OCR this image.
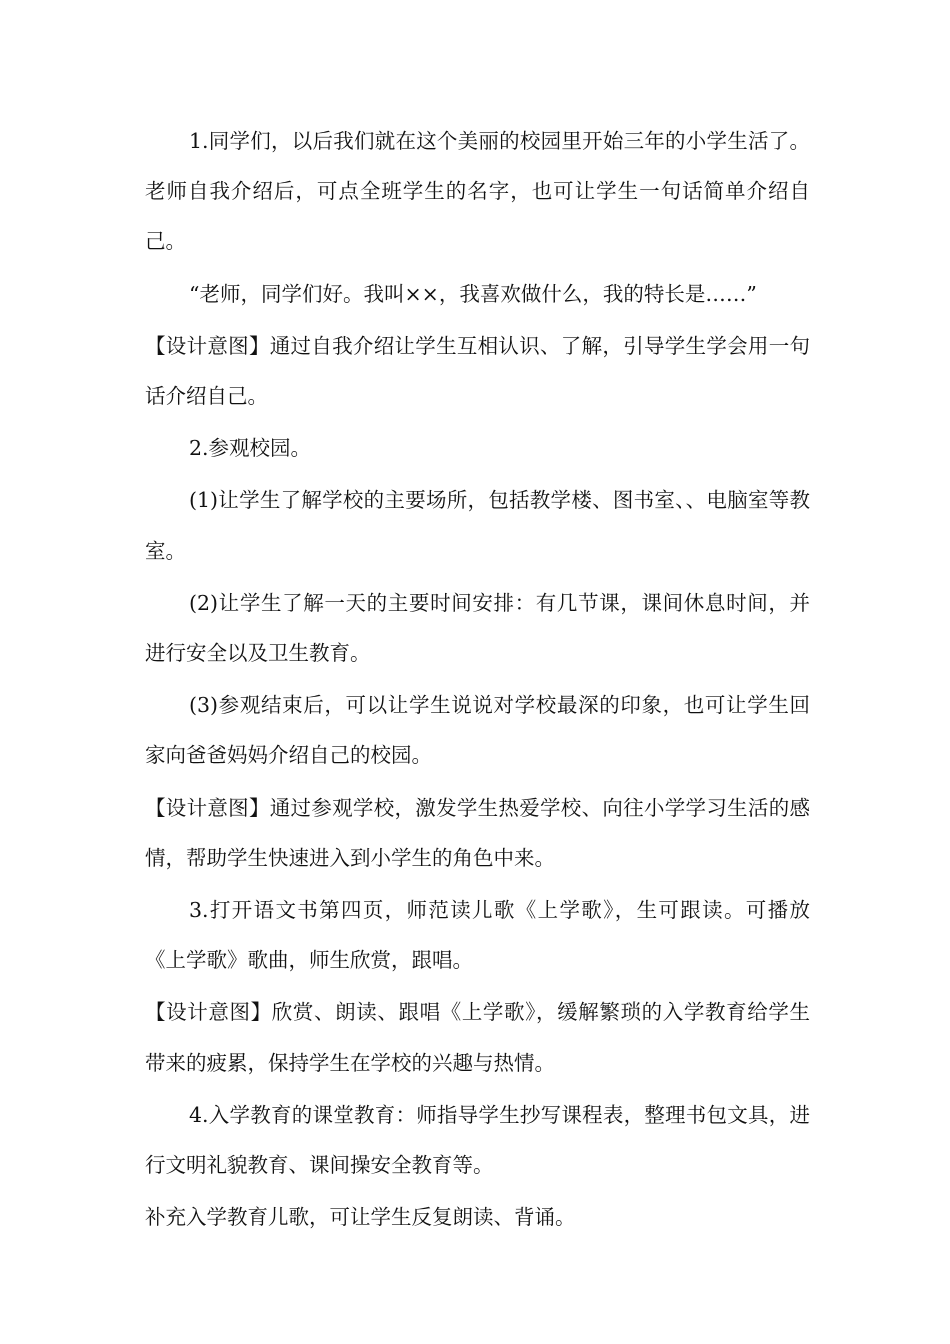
1.同学们，以后我们就在这个美丽的校园里开始三年的小学生活了。老师自我介绍后，可点全班学生的名字，也可让学生一句话简单介绍自己。

“老师，同学们好。我叫××，我喜欢做什么，我的特长是……”

【设计意图】通过自我介绍让学生互相认识、了解，引导学生学会用一句话介绍自己。

2.参观校园。

(1)让学生了解学校的主要场所，包括教学楼、图书室、、电脑室等教室。

(2)让学生了解一天的主要时间安排：有几节课，课间休息时间，并进行安全以及卫生教育。

(3)参观结束后，可以让学生说说对学校最深的印象，也可让学生回家向爸爸妈妈介绍自己的校园。

【设计意图】通过参观学校，激发学生热爱学校、向往小学学习生活的感情，帮助学生快速进入到小学生的角色中来。

3.打开语文书第四页，师范读儿歌《上学歌》，生可跟读。可播放《上学歌》歌曲，师生欣赏，跟唱。

【设计意图】欣赏、朗读、跟唱《上学歌》，缓解繁琐的入学教育给学生带来的疲累，保持学生在学校的兴趣与热情。

4.入学教育的课堂教育：师指导学生抄写课程表，整理书包文具，进行文明礼貌教育、课间操安全教育等。

补充入学教育儿歌，可让学生反复朗读、背诵。
